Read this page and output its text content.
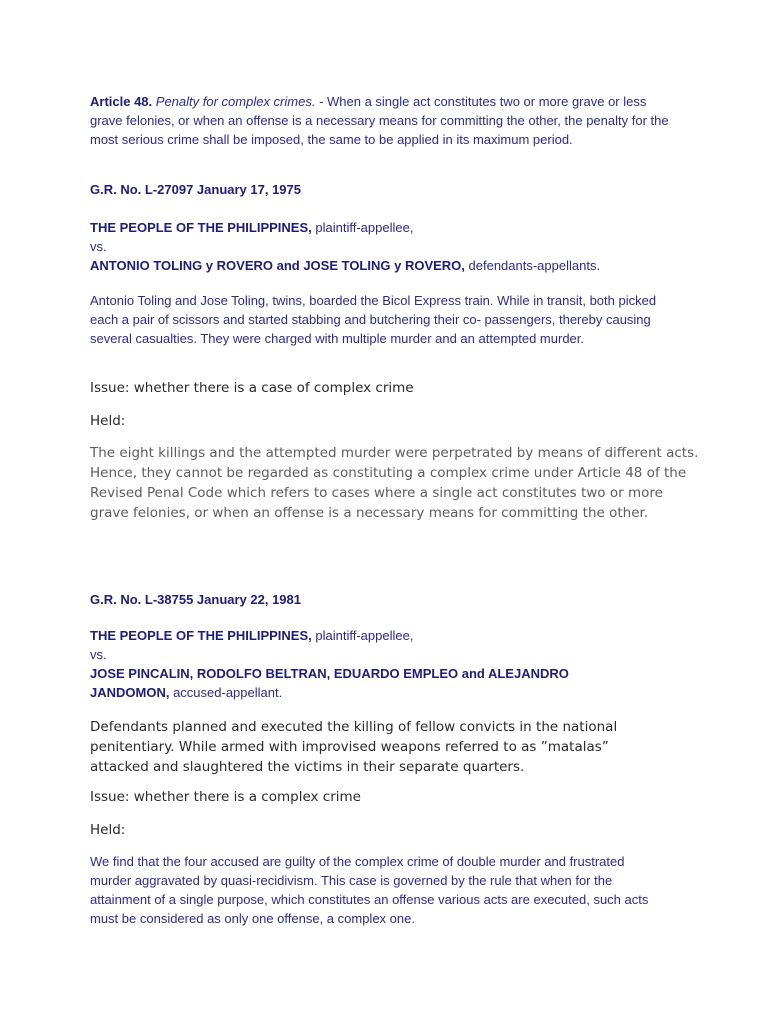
Article 48. Penalty for complex crimes. - When a single act constitutes two or more grave or less grave felonies, or when an offense is a necessary means for committing the other, the penalty for the most serious crime shall be imposed, the same to be applied in its maximum period.

G.R. No. L-27097 January 17, 1975

THE PEOPLE OF THE PHILIPPINES, plaintiff-appellee,
vs.
ANTONIO TOLING y ROVERO and JOSE TOLING y ROVERO, defendants-appellants.

Antonio Toling and Jose Toling, twins, boarded the Bicol Express train. While in transit, both picked each a pair of scissors and started stabbing and butchering their co- passengers, thereby causing several casualties. They were charged with multiple murder and an attempted murder.

Issue: whether there is a case of complex crime

Held:

The eight killings and the attempted murder were perpetrated by means of different acts. Hence, they cannot be regarded as constituting a complex crime under Article 48 of the Revised Penal Code which refers to cases where a single act constitutes two or more grave felonies, or when an offense is a necessary means for committing the other.

G.R. No. L-38755 January 22, 1981

THE PEOPLE OF THE PHILIPPINES, plaintiff-appellee,
vs.
JOSE PINCALIN, RODOLFO BELTRAN, EDUARDO EMPLEO and ALEJANDRO JANDOMON, accused-appellant.

Defendants planned and executed the killing of fellow convicts in the national penitentiary. While armed with improvised weapons referred to as ”matalas” attacked and slaughtered the victims in their separate quarters.

Issue: whether there is a complex crime

Held:

We find that the four accused are guilty of the complex crime of double murder and frustrated murder aggravated by quasi-recidivism. This case is governed by the rule that when for the attainment of a single purpose, which constitutes an offense various acts are executed, such acts must be considered as only one offense, a complex one.
